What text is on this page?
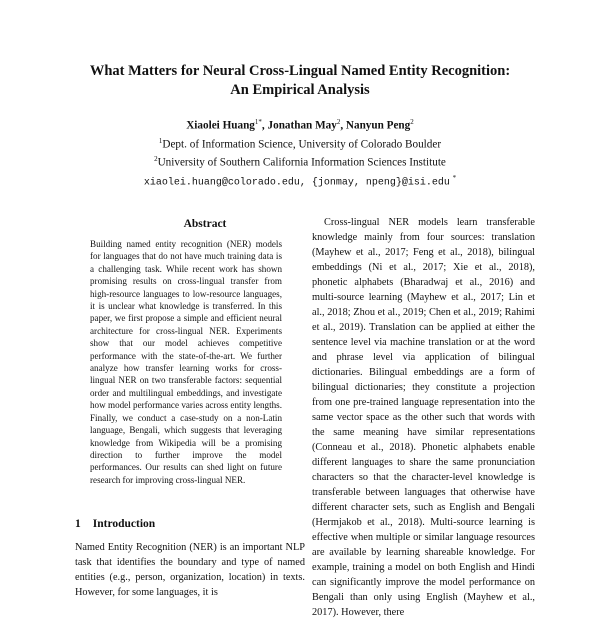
What Matters for Neural Cross-Lingual Named Entity Recognition:
An Empirical Analysis
Xiaolei Huang$^{1*}$, Jonathan May$^2$, Nanyun Peng$^2$
$^1$Dept. of Information Science, University of Colorado Boulder
$^2$University of Southern California Information Sciences Institute
xiaolei.huang@colorado.edu, {jonmay, npeng}@isi.edu *
Abstract
Building named entity recognition (NER) models for languages that do not have much training data is a challenging task. While recent work has shown promising results on cross-lingual transfer from high-resource languages to low-resource languages, it is unclear what knowledge is transferred. In this paper, we first propose a simple and efficient neural architecture for cross-lingual NER. Experiments show that our model achieves competitive performance with the state-of-the-art. We further analyze how transfer learning works for cross-lingual NER on two transferable factors: sequential order and multilingual embeddings, and investigate how model performance varies across entity lengths. Finally, we conduct a case-study on a non-Latin language, Bengali, which suggests that leveraging knowledge from Wikipedia will be a promising direction to further improve the model performances. Our results can shed light on future research for improving cross-lingual NER.
1 Introduction
Named Entity Recognition (NER) is an important NLP task that identifies the boundary and type of named entities (e.g., person, organization, location) in texts. However, for some languages, it is
Cross-lingual NER models learn transferable knowledge mainly from four sources: translation (Mayhew et al., 2017; Feng et al., 2018), bilingual embeddings (Ni et al., 2017; Xie et al., 2018), phonetic alphabets (Bharadwaj et al., 2016) and multi-source learning (Mayhew et al., 2017; Lin et al., 2018; Zhou et al., 2019; Chen et al., 2019; Rahimi et al., 2019). Translation can be applied at either the sentence level via machine translation or at the word and phrase level via application of bilingual dictionaries. Bilingual embeddings are a form of bilingual dictionaries; they constitute a projection from one pre-trained language representation into the same vector space as the other such that words with the same meaning have similar representations (Conneau et al., 2018). Phonetic alphabets enable different languages to share the same pronunciation characters so that the character-level knowledge is transferable between languages that otherwise have different character sets, such as English and Bengali (Hermjakob et al., 2018). Multi-source learning is effective when multiple or similar language resources are available by learning shareable knowledge. For example, training a model on both English and Hindi can significantly improve the model performance on Bengali than only using English (Mayhew et al., 2017). However, there
